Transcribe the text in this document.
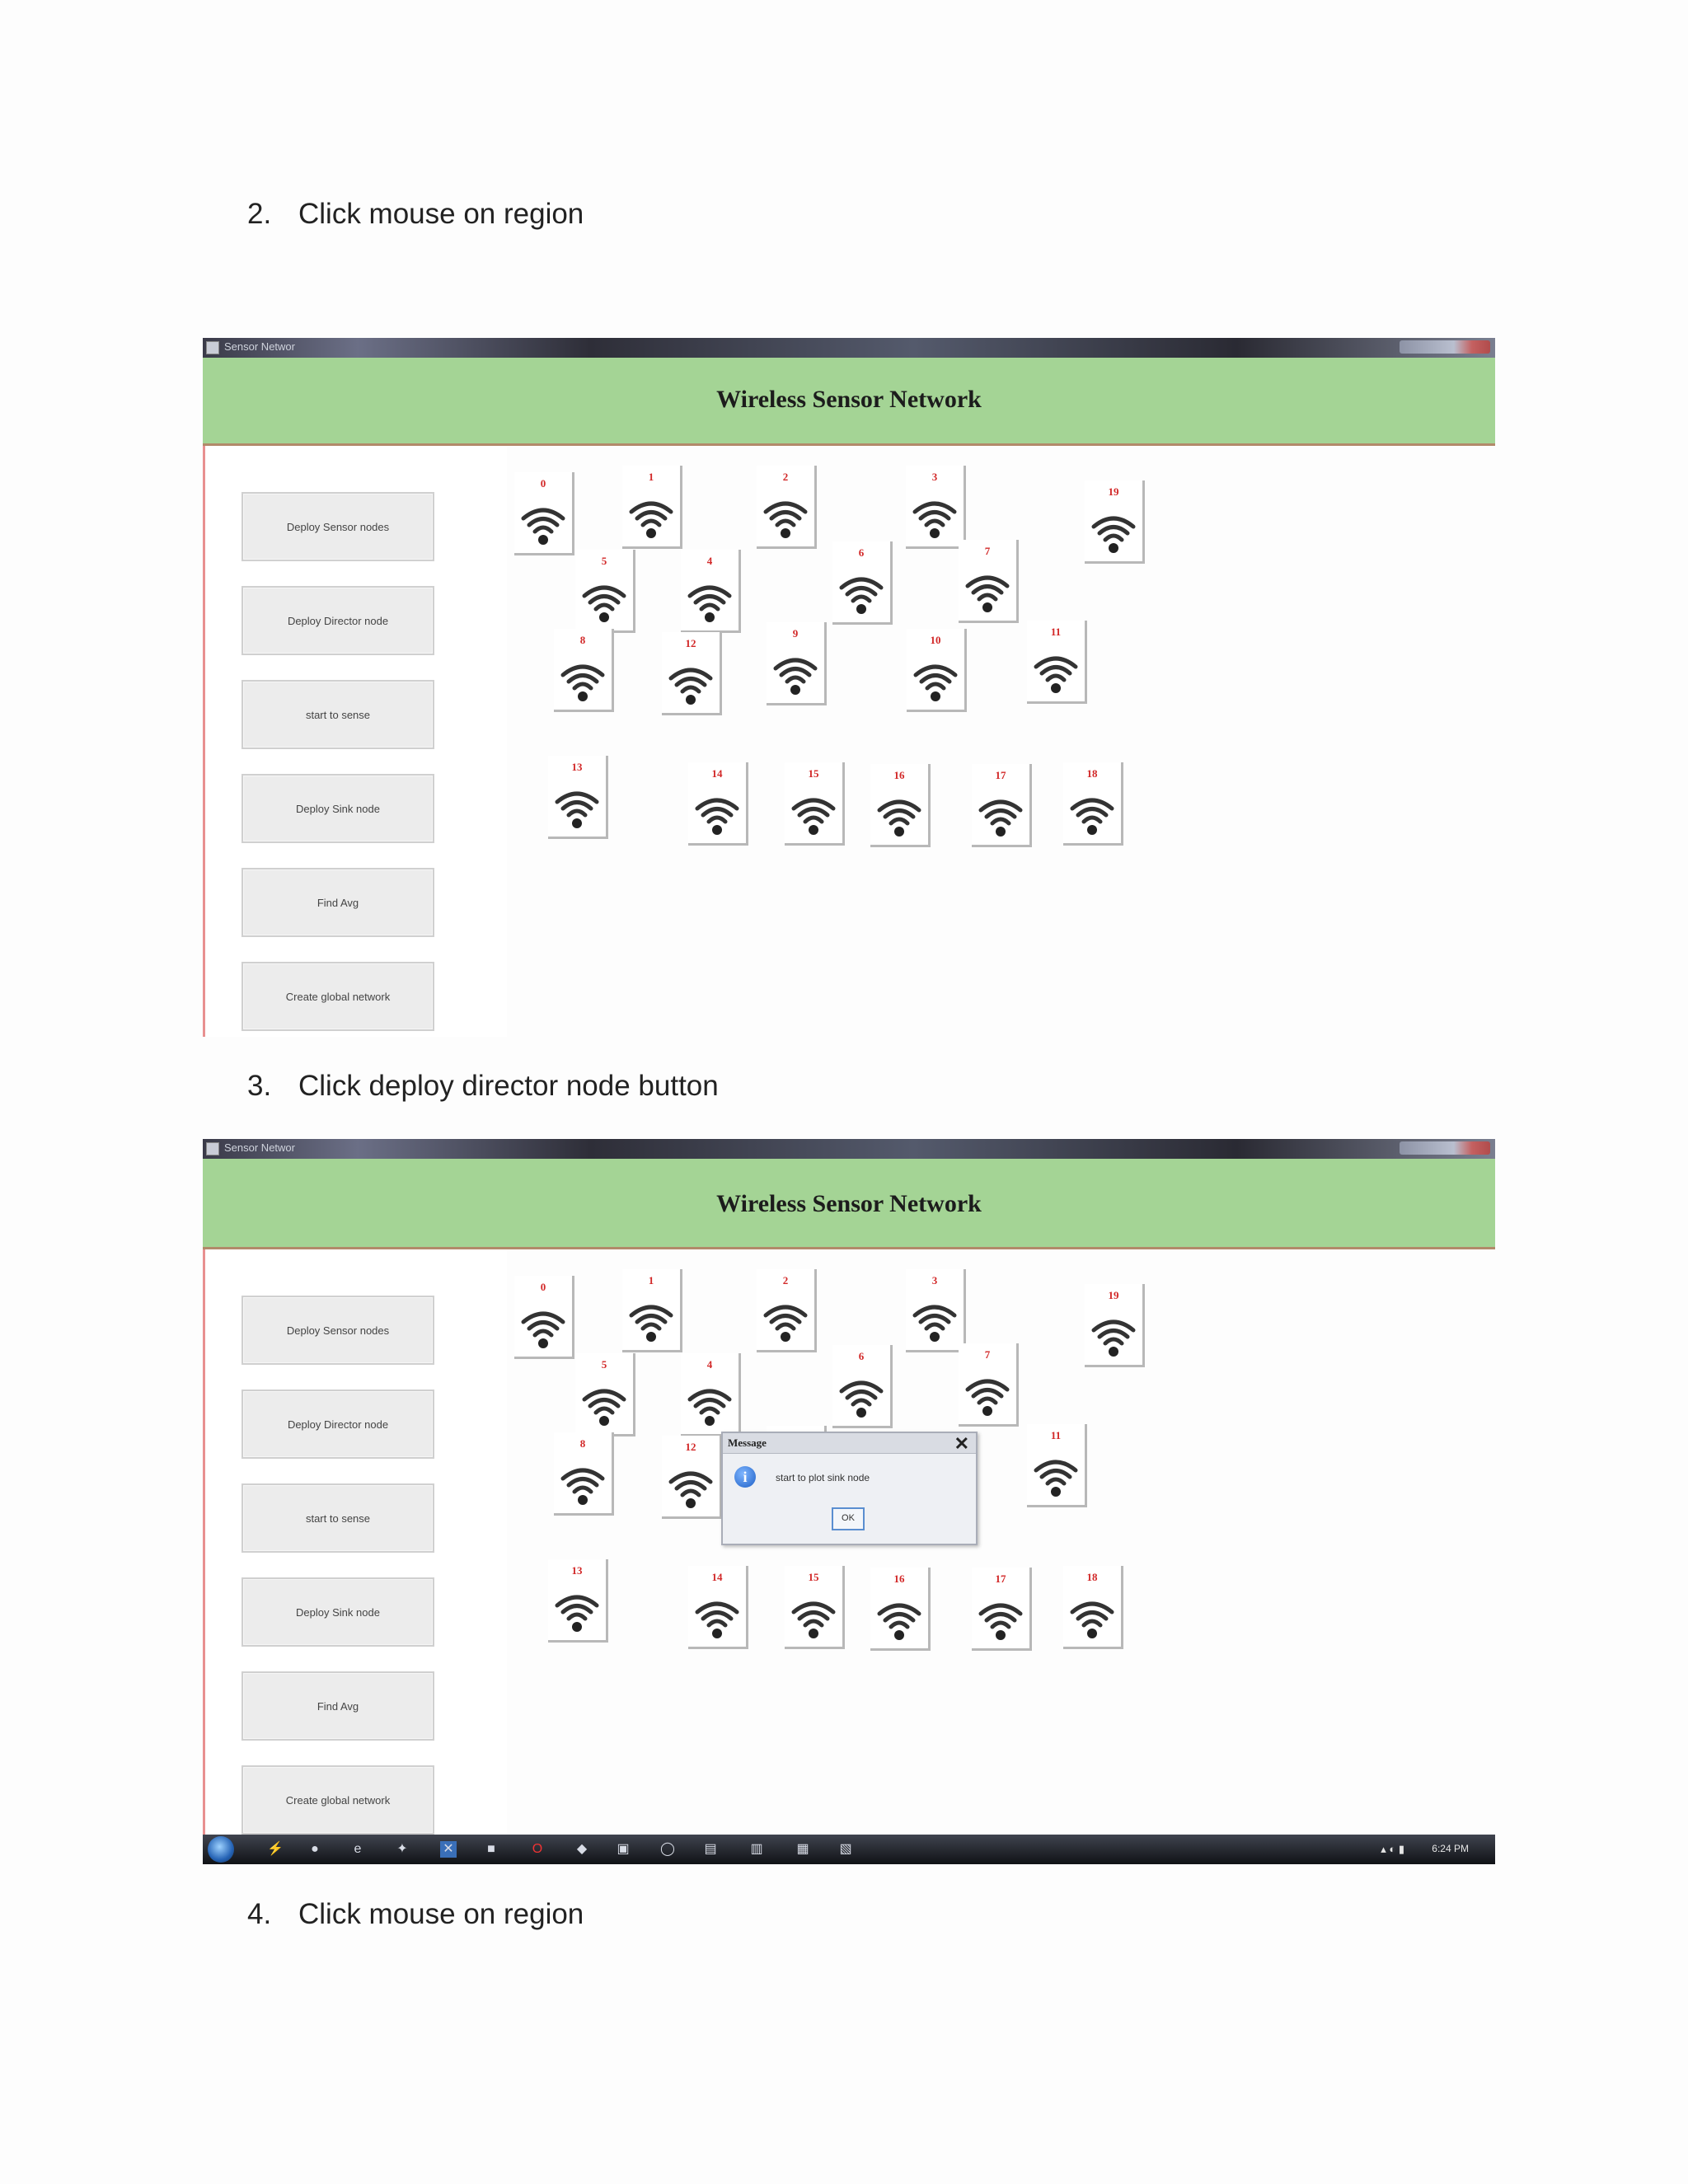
2. Click mouse on region
Sensor Networ
Wireless Sensor Network
Deploy Sensor nodes
Deploy Director node
start to sense
Deploy Sink node
Find Avg
Create global network
0
1	2	3
19
5	4
6	7
8	12
9
10
11
13
14	15	16	17	18
3. Click deploy director node button
Sensor Networ
Wireless Sensor Network
Deploy Sensor nodes
Deploy Director node
start to sense
Deploy Sink node
Find Avg
Create global network
0
1	2	3
19
5	4
6	7
8	12
11
13
14	15	16	17	18
Message	✕
i	start to plot sink node
OK
⚡	●	e	✦	✕	■	O	◆ ▣ ◯ ▤	▥	▦ ▧	▴ ◐ ▮	6:24 PM
4. Click mouse on region
